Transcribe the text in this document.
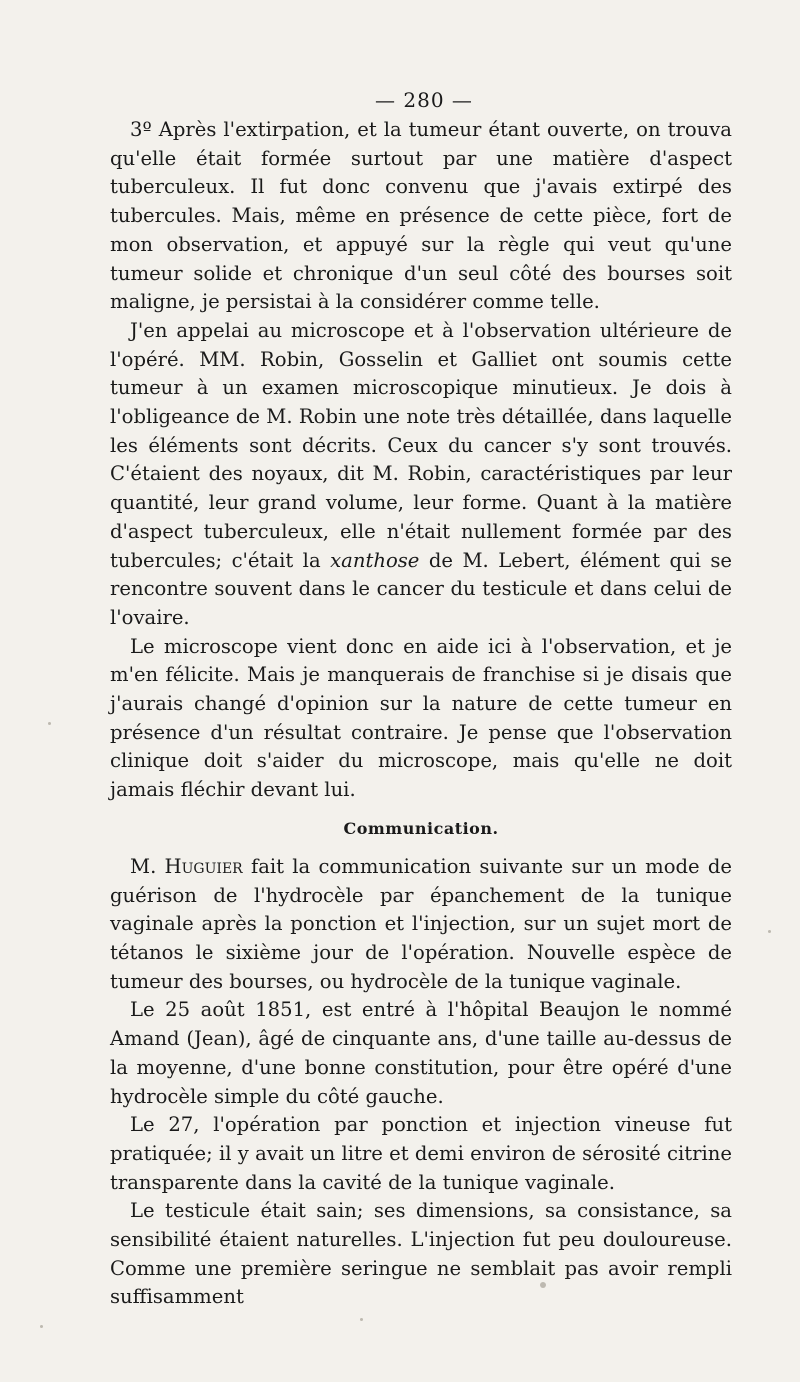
— 280 —

3º Après l'extirpation, et la tumeur étant ouverte, on trouva qu'elle était formée surtout par une matière d'aspect tuberculeux. Il fut donc convenu que j'avais extirpé des tubercules. Mais, même en présence de cette pièce, fort de mon observation, et appuyé sur la règle qui veut qu'une tumeur solide et chronique d'un seul côté des bourses soit maligne, je persistai à la considérer comme telle.

J'en appelai au microscope et à l'observation ultérieure de l'opéré. MM. Robin, Gosselin et Galliet ont soumis cette tumeur à un examen microscopique minutieux. Je dois à l'obligeance de M. Robin une note très détaillée, dans laquelle les éléments sont décrits. Ceux du cancer s'y sont trouvés. C'étaient des noyaux, dit M. Robin, caractéristiques par leur quantité, leur grand volume, leur forme. Quant à la matière d'aspect tuberculeux, elle n'était nullement formée par des tubercules; c'était la xanthose de M. Lebert, élément qui se rencontre souvent dans le cancer du testicule et dans celui de l'ovaire.

Le microscope vient donc en aide ici à l'observation, et je m'en félicite. Mais je manquerais de franchise si je disais que j'aurais changé d'opinion sur la nature de cette tumeur en présence d'un résultat contraire. Je pense que l'observation clinique doit s'aider du microscope, mais qu'elle ne doit jamais fléchir devant lui.

Communication.

M. Huguier fait la communication suivante sur un mode de guérison de l'hydrocèle par épanchement de la tunique vaginale après la ponction et l'injection, sur un sujet mort de tétanos le sixième jour de l'opération. Nouvelle espèce de tumeur des bourses, ou hydrocèle de la tunique vaginale.

Le 25 août 1851, est entré à l'hôpital Beaujon le nommé Amand (Jean), âgé de cinquante ans, d'une taille au-dessus de la moyenne, d'une bonne constitution, pour être opéré d'une hydrocèle simple du côté gauche.

Le 27, l'opération par ponction et injection vineuse fut pratiquée; il y avait un litre et demi environ de sérosité citrine transparente dans la cavité de la tunique vaginale.

Le testicule était sain; ses dimensions, sa consistance, sa sensibilité étaient naturelles. L'injection fut peu douloureuse. Comme une première seringue ne semblait pas avoir rempli suffisamment
